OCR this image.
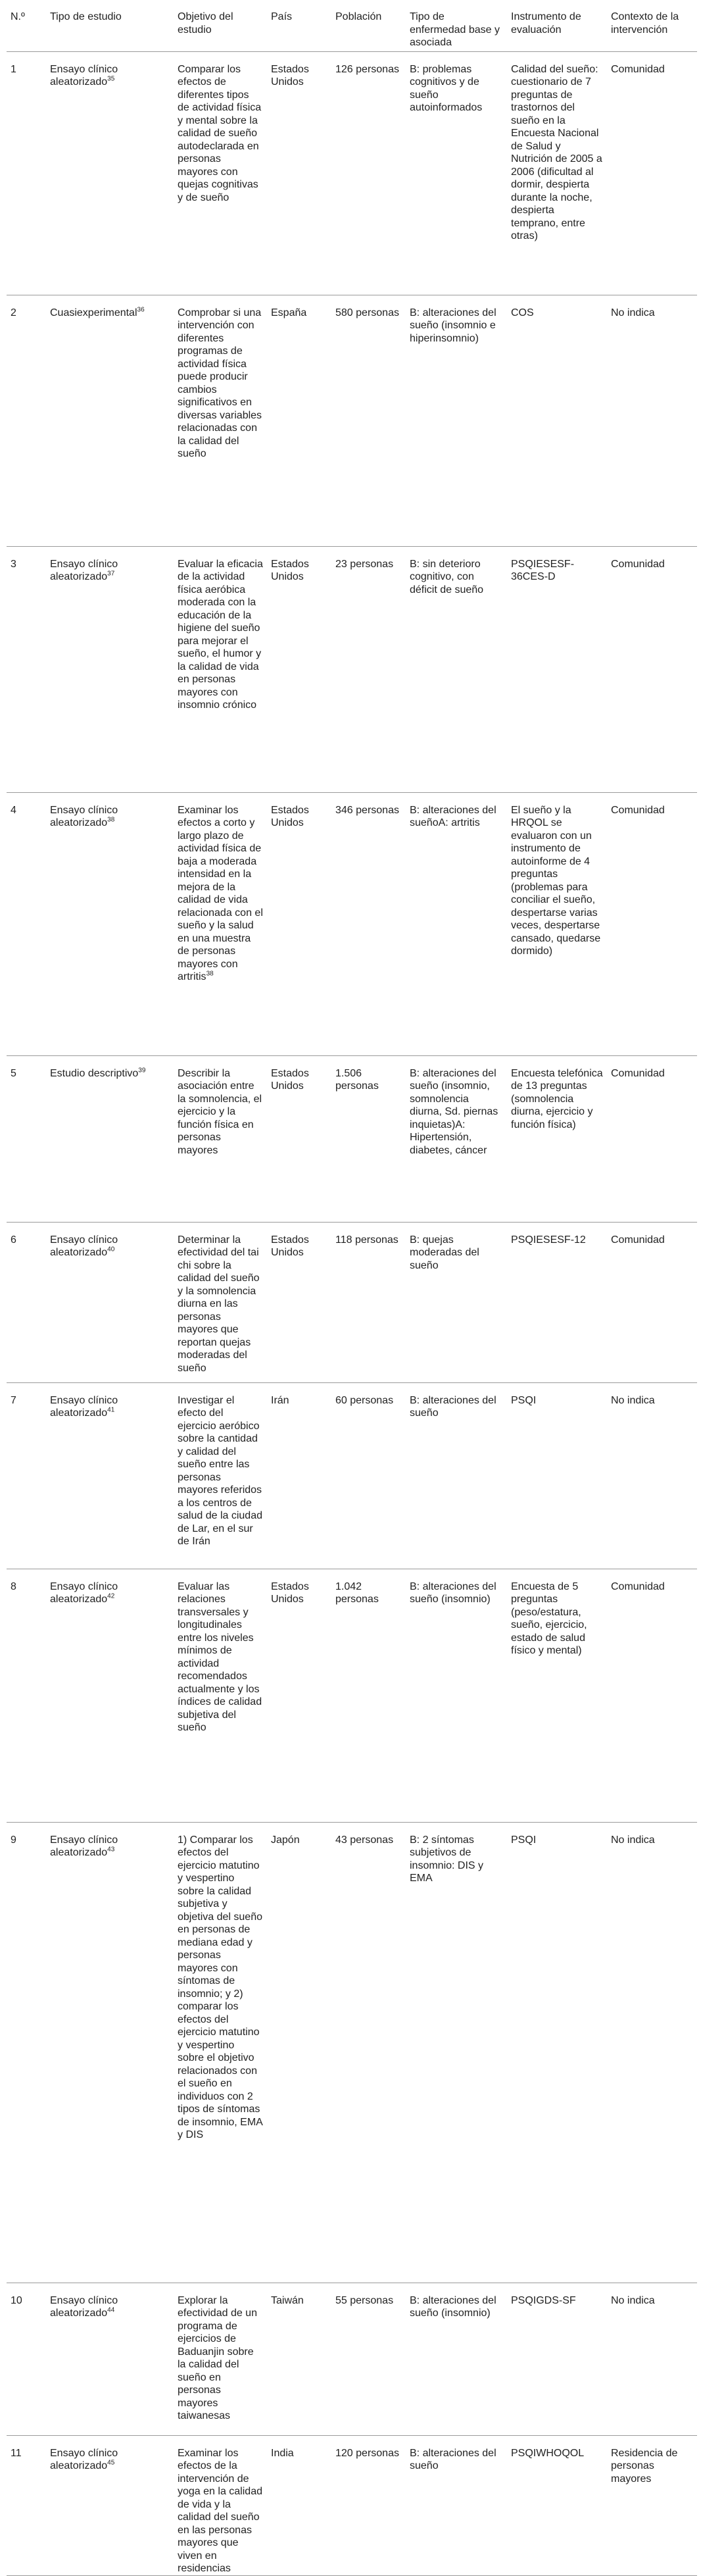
N.º	Tipo de estudio	Objetivo del estudio	País	Población	Tipo de enfermedad base y asociada	Instrumento de evaluación	Contexto de la intervención
1	Ensayo clínico aleatorizado$^{35}$	Comparar los efectos de diferentes tipos de actividad física y mental sobre la calidad de sueño autodeclarada en personas mayores con quejas cognitivas y de sueño	Estados Unidos	126 personas	B: problemas cognitivos y de sueño autoinformados	Calidad del sueño: cuestionario de 7 preguntas de trastornos del sueño en la Encuesta Nacional de Salud y Nutrición de 2005 a 2006 (dificultad al dormir, despierta durante la noche, despierta temprano, entre otras)	Comunidad
2	Cuasiexperimental$^{36}$	Comprobar si una intervención con diferentes programas de actividad física puede producir cambios significativos en diversas variables relacionadas con la calidad del sueño	España	580 personas	B: alteraciones del sueño (insomnio e hiperinsomnio)	COS	No indica
3	Ensayo clínico aleatorizado$^{37}$	Evaluar la eficacia de la actividad física aeróbica moderada con la educación de la higiene del sueño para mejorar el sueño, el humor y la calidad de vida en personas mayores con insomnio crónico	Estados Unidos	23 personas	B: sin deterioro cognitivo, con déficit de sueño	PSQIESESF-36CES-D	Comunidad
4	Ensayo clínico aleatorizado$^{38}$	Examinar los efectos a corto y largo plazo de actividad física de baja a moderada intensidad en la mejora de la calidad de vida relacionada con el sueño y la salud en una muestra de personas mayores con artritis$^{38}$	Estados Unidos	346 personas	B: alteraciones del sueñoA: artritis	El sueño y la HRQOL se evaluaron con un instrumento de autoinforme de 4 preguntas (problemas para conciliar el sueño, despertarse varias veces, despertarse cansado, quedarse dormido)	Comunidad
5	Estudio descriptivo$^{39}$	Describir la asociación entre la somnolencia, el ejercicio y la función física en personas mayores	Estados Unidos	1.506 personas	B: alteraciones del sueño (insomnio, somnolencia diurna, Sd. piernas inquietas)A: Hipertensión, diabetes, cáncer	Encuesta telefónica de 13 preguntas (somnolencia diurna, ejercicio y función física)	Comunidad
6	Ensayo clínico aleatorizado$^{40}$	Determinar la efectividad del tai chi sobre la calidad del sueño y la somnolencia diurna en las personas mayores que reportan quejas moderadas del sueño	Estados Unidos	118 personas	B: quejas moderadas del sueño	PSQIESESF-12	Comunidad
7	Ensayo clínico aleatorizado$^{41}$	Investigar el efecto del ejercicio aeróbico sobre la cantidad y calidad del sueño entre las personas mayores referidos a los centros de salud de la ciudad de Lar, en el sur de Irán	Irán	60 personas	B: alteraciones del sueño	PSQI	No indica
8	Ensayo clínico aleatorizado$^{42}$	Evaluar las relaciones transversales y longitudinales entre los niveles mínimos de actividad recomendados actualmente y los índices de calidad subjetiva del sueño	Estados Unidos	1.042 personas	B: alteraciones del sueño (insomnio)	Encuesta de 5 preguntas (peso/estatura, sueño, ejercicio, estado de salud físico y mental)	Comunidad
9	Ensayo clínico aleatorizado$^{43}$	1) Comparar los efectos del ejercicio matutino y vespertino sobre la calidad subjetiva y objetiva del sueño en personas de mediana edad y personas mayores con síntomas de insomnio; y 2) comparar los efectos del ejercicio matutino y vespertino sobre el objetivo relacionados con el sueño en individuos con 2 tipos de síntomas de insomnio, EMA y DIS	Japón	43 personas	B: 2 síntomas subjetivos de insomnio: DIS y EMA	PSQI	No indica
10	Ensayo clínico aleatorizado$^{44}$	Explorar la efectividad de un programa de ejercicios de Baduanjin sobre la calidad del sueño en personas mayores taiwanesas	Taiwán	55 personas	B: alteraciones del sueño (insomnio)	PSQIGDS-SF	No indica
11	Ensayo clínico aleatorizado$^{45}$	Examinar los efectos de la intervención de yoga en la calidad de vida y la calidad del sueño en las personas mayores que viven en residencias	India	120 personas	B: alteraciones del sueño	PSQIWHOQOL	Residencia de personas mayores
